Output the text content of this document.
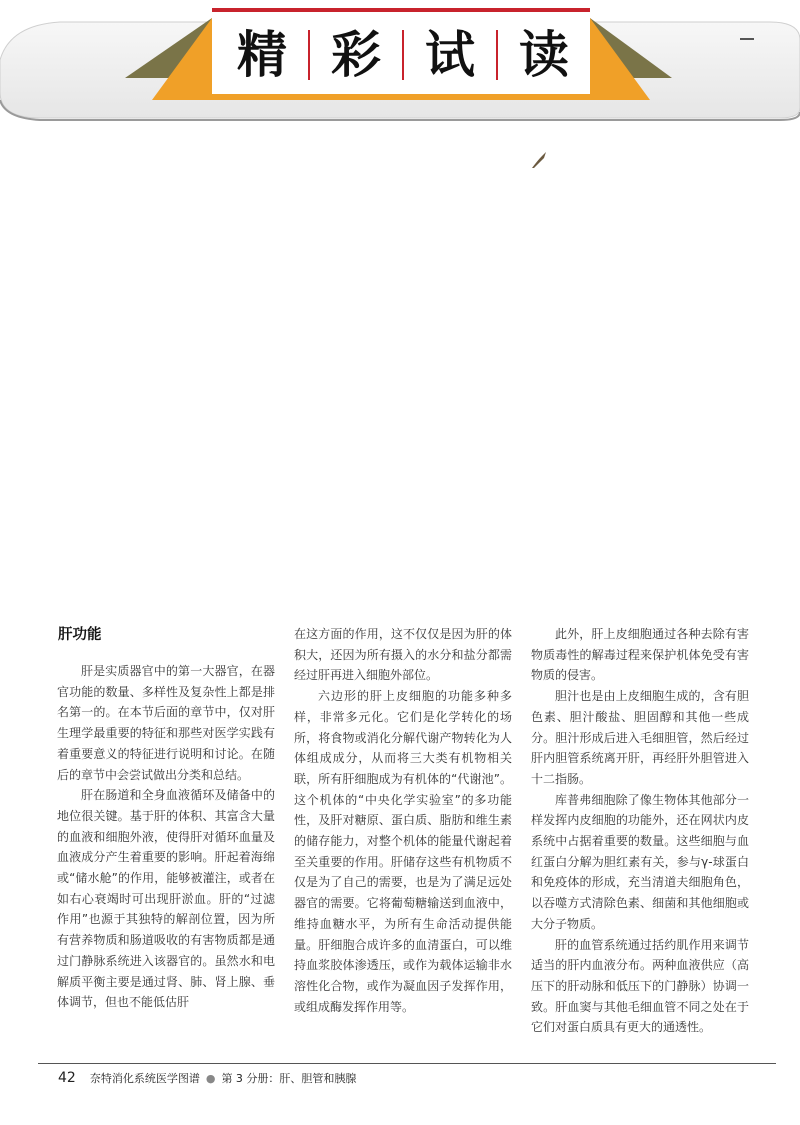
精 彩 试 读
肝功能

肝是实质器官中的第一大器官，在器官功能的数量、多样性及复杂性上都是排名第一的。在本节后面的章节中，仅对肝生理学最重要的特征和那些对医学实践有着重要意义的特征进行说明和讨论。在随后的章节中会尝试做出分类和总结。

肝在肠道和全身血液循环及储备中的地位很关键。基于肝的体积、其富含大量的血液和细胞外液，使得肝对循环血量及血液成分产生着重要的影响。肝起着海绵或“储水舱”的作用，能够被灌注，或者在如右心衰竭时可出现肝淤血。肝的“过滤作用”也源于其独特的解剖位置，因为所有营养物质和肠道吸收的有害物质都是通过门静脉系统进入该器官的。虽然水和电解质平衡主要是通过肾、肺、肾上腺、垂体调节，但也不能低估肝

在这方面的作用，这不仅仅是因为肝的体积大，还因为所有摄入的水分和盐分都需经过肝再进入细胞外部位。

六边形的肝上皮细胞的功能多种多样，非常多元化。它们是化学转化的场所，将食物或消化分解代谢产物转化为人体组成成分，从而将三大类有机物相关联，所有肝细胞成为有机体的“代谢池”。这个机体的“中央化学实验室”的多功能性，及肝对糖原、蛋白质、脂肪和维生素的储存能力，对整个机体的能量代谢起着至关重要的作用。肝储存这些有机物质不仅是为了自己的需要，也是为了满足远处器官的需要。它将葡萄糖输送到血液中，维持血糖水平，为所有生命活动提供能量。肝细胞合成许多的血清蛋白，可以维持血浆胶体渗透压，或作为载体运输非水溶性化合物，或作为凝血因子发挥作用，或组成酶发挥作用等。

此外，肝上皮细胞通过各种去除有害物质毒性的解毒过程来保护机体免受有害物质的侵害。

胆汁也是由上皮细胞生成的，含有胆色素、胆汁酸盐、胆固醇和其他一些成分。胆汁形成后进入毛细胆管，然后经过肝内胆管系统离开肝，再经肝外胆管进入十二指肠。

库普弗细胞除了像生物体其他部分一样发挥内皮细胞的功能外，还在网状内皮系统中占据着重要的数量。这些细胞与血红蛋白分解为胆红素有关，参与γ-球蛋白和免疫体的形成，充当清道夫细胞角色，以吞噬方式清除色素、细菌和其他细胞或大分子物质。

肝的血管系统通过括约肌作用来调节适当的肝内血液分布。两种血液供应（高压下的肝动脉和低压下的门静脉）协调一致。肝血窦与其他毛细血管不同之处在于它们对蛋白质具有更大的通透性。

42 奈特消化系统医学图谱 ● 第 3 分册：肝、胆管和胰腺
